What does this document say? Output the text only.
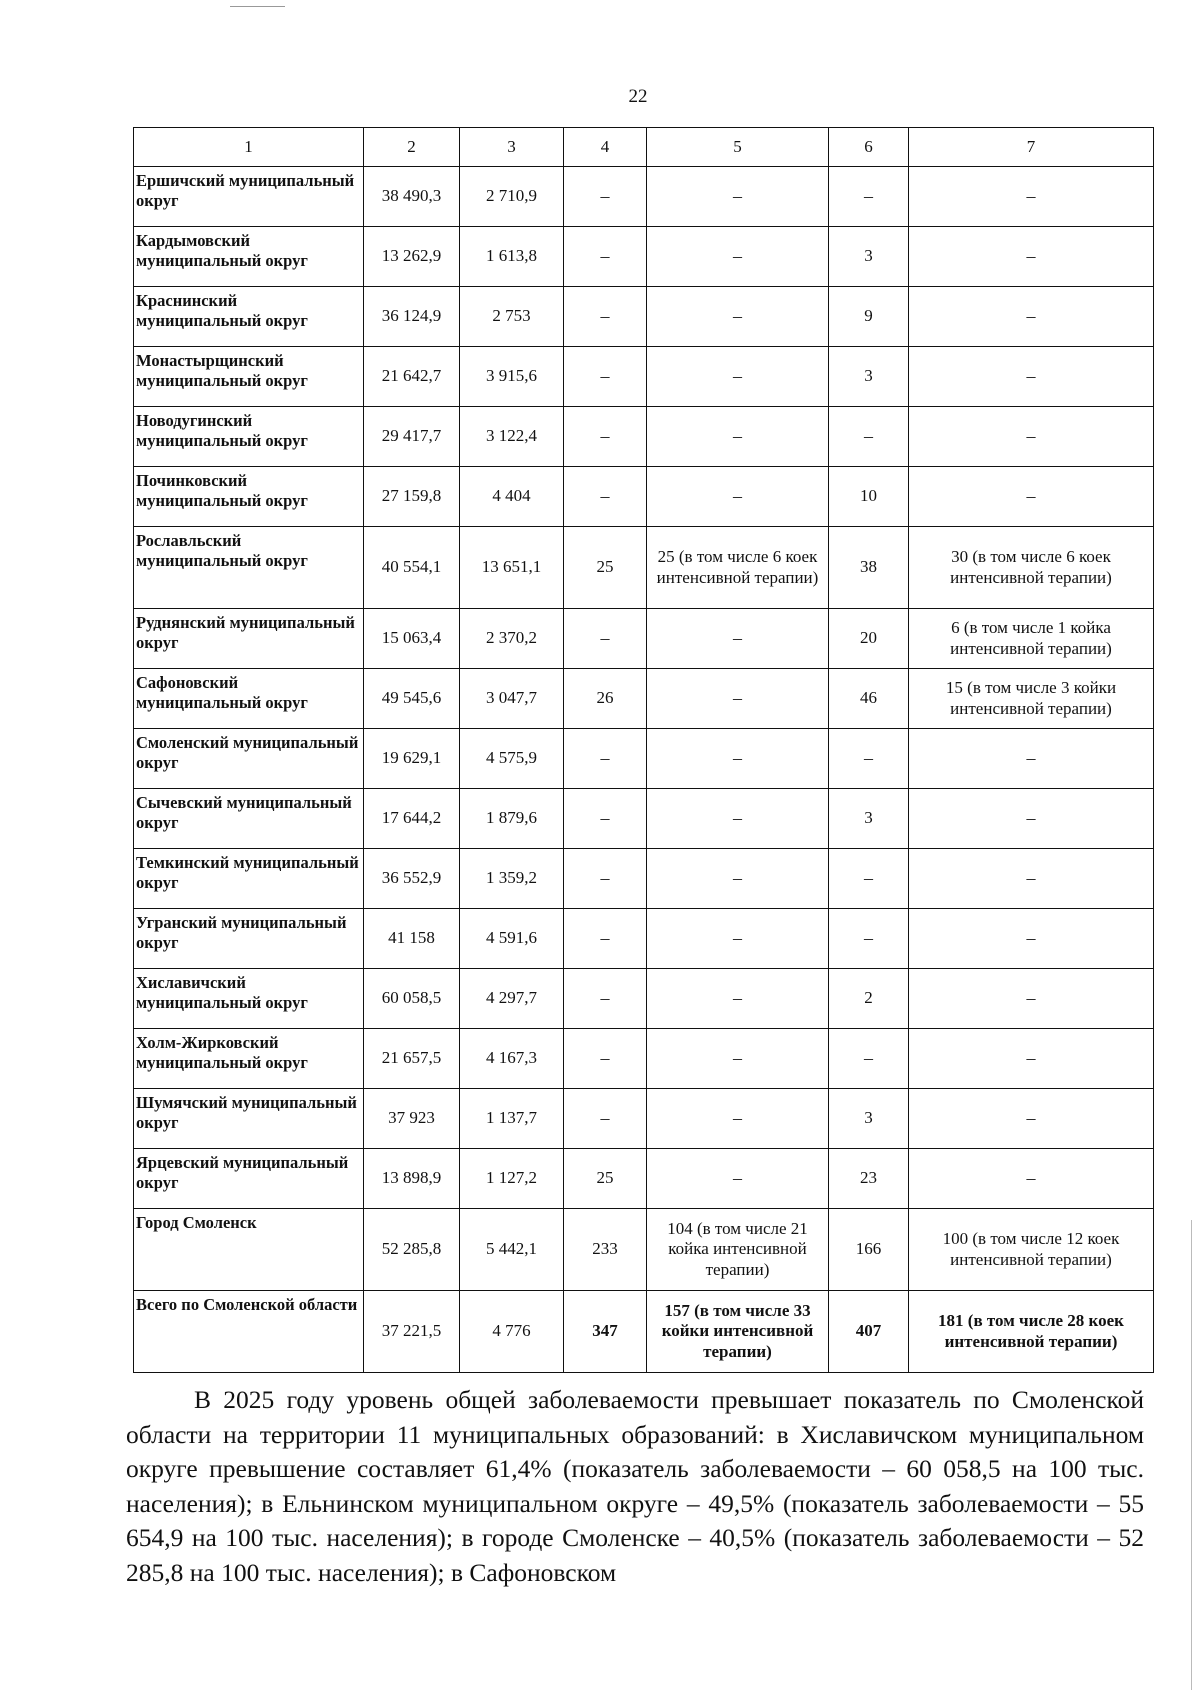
22
1	2	3	4	5	6	7
Ершичский муниципальный округ	38 490,3	2 710,9	–	–	–	–
Кардымовский муниципальный округ	13 262,9	1 613,8	–	–	3	–
Краснинский муниципальный округ	36 124,9	2 753	–	–	9	–
Монастырщинский муниципальный округ	21 642,7	3 915,6	–	–	3	–
Новодугинский муниципальный округ	29 417,7	3 122,4	–	–	–	–
Починковский муниципальный округ	27 159,8	4 404	–	–	10	–
Рославльский муниципальный округ	40 554,1	13 651,1	25	25 (в том числе 6 коек интенсивной терапии)	38	30 (в том числе 6 коек интенсивной терапии)
Руднянский муниципальный округ	15 063,4	2 370,2	–	–	20	6 (в том числе 1 койка интенсивной терапии)
Сафоновский муниципальный округ	49 545,6	3 047,7	26	–	46	15 (в том числе 3 койки интенсивной терапии)
Смоленский муниципальный округ	19 629,1	4 575,9	–	–	–	–
Сычевский муниципальный округ	17 644,2	1 879,6	–	–	3	–
Темкинский муниципальный округ	36 552,9	1 359,2	–	–	–	–
Угранский муниципальный округ	41 158	4 591,6	–	–	–	–
Хиславичский муниципальный округ	60 058,5	4 297,7	–	–	2	–
Холм-Жирковский муниципальный округ	21 657,5	4 167,3	–	–	–	–
Шумячский муниципальный округ	37 923	1 137,7	–	–	3	–
Ярцевский муниципальный округ	13 898,9	1 127,2	25	–	23	–
Город Смоленск	52 285,8	5 442,1	233	104 (в том числе 21 койка интенсивной терапии)	166	100 (в том числе 12 коек интенсивной терапии)
Всего по Смоленской области	37 221,5	4 776	347	157 (в том числе 33 койки интенсивной терапии)	407	181 (в том числе 28 коек интенсивной терапии)

В 2025 году уровень общей заболеваемости превышает показатель по Смоленской области на территории 11 муниципальных образований: в Хиславичском муниципальном округе превышение составляет 61,4% (показатель заболеваемости – 60 058,5 на 100 тыс. населения); в Ельнинском муниципальном округе – 49,5% (показатель заболеваемости – 55 654,9 на 100 тыс. населения); в городе Смоленске – 40,5% (показатель заболеваемости – 52 285,8 на 100 тыс. населения); в Сафоновском
